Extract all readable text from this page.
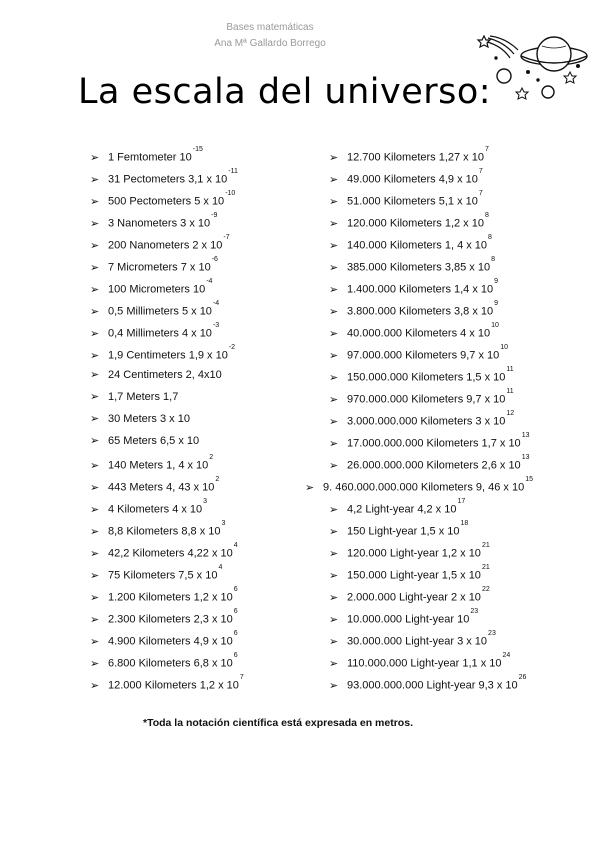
Bases matemáticas
Ana Mª Gallardo Borrego
La escala del universo:
➢ 1 Femtometer $10^{-15}$
➢ 31 Pectometers 3,1 x $10^{-11}$
➢ 500 Pectometers 5 x $10^{-10}$
➢ 3 Nanometers 3 x $10^{-9}$
➢ 200 Nanometers 2 x $10^{-7}$
➢ 7 Micrometers 7 x $10^{-6}$
➢ 100 Micrometers $10^{-4}$
➢ 0,5 Millimeters 5 x $10^{-4}$
➢ 0,4 Millimeters 4 x $10^{-3}$
➢ 1,9 Centimeters 1,9 x $10^{-2}$
➢ 24 Centimeters 2, 4x10
➢ 1,7 Meters 1,7
➢ 30 Meters 3 x 10
➢ 65 Meters 6,5 x 10
➢ 140 Meters 1, 4 x $10^2$
➢ 443 Meters 4, 43 x $10^2$
➢ 4 Kilometers 4 x $10^3$
➢ 8,8 Kilometers 8,8 x $10^3$
➢ 42,2 Kilometers 4,22 x $10^4$
➢ 75 Kilometers 7,5 x $10^4$
➢ 1.200 Kilometers 1,2 x $10^6$
➢ 2.300 Kilometers 2,3 x $10^6$
➢ 4.900 Kilometers 4,9 x $10^6$
➢ 6.800 Kilometers 6,8 x $10^6$
➢ 12.000 Kilometers 1,2 x $10^7$
➢ 12.700 Kilometers 1,27 x $10^7$
➢ 49.000 Kilometers 4,9 x $10^7$
➢ 51.000 Kilometers 5,1 x $10^7$
➢ 120.000 Kilometers 1,2 x $10^8$
➢ 140.000 Kilometers 1, 4 x $10^8$
➢ 385.000 Kilometers 3,85 x $10^8$
➢ 1.400.000 Kilometers 1,4 x $10^9$
➢ 3.800.000 Kilometers 3,8 x $10^9$
➢ 40.000.000 Kilometers 4 x $10^{10}$
➢ 97.000.000 Kilometers 9,7 x $10^{10}$
➢ 150.000.000 Kilometers 1,5 x $10^{11}$
➢ 970.000.000 Kilometers 9,7 x $10^{11}$
➢ 3.000.000.000 Kilometers 3 x $10^{12}$
➢ 17.000.000.000 Kilometers 1,7 x $10^{13}$
➢ 26.000.000.000 Kilometers 2,6 x $10^{13}$
➢ 9. 460.000.000.000 Kilometers 9, 46 x $10^{15}$
➢ 4,2 Light-year 4,2 x $10^{17}$
➢ 150 Light-year 1,5 x $10^{18}$
➢ 120.000 Light-year 1,2 x $10^{21}$
➢ 150.000 Light-year 1,5 x $10^{21}$
➢ 2.000.000 Light-year 2 x $10^{22}$
➢ 10.000.000 Light-year $10^{23}$
➢ 30.000.000 Light-year 3 x $10^{23}$
➢ 110.000.000 Light-year 1,1 x $10^{24}$
➢ 93.000.000.000 Light-year 9,3 x $10^{26}$
*Toda la notación científica está expresada en metros.
